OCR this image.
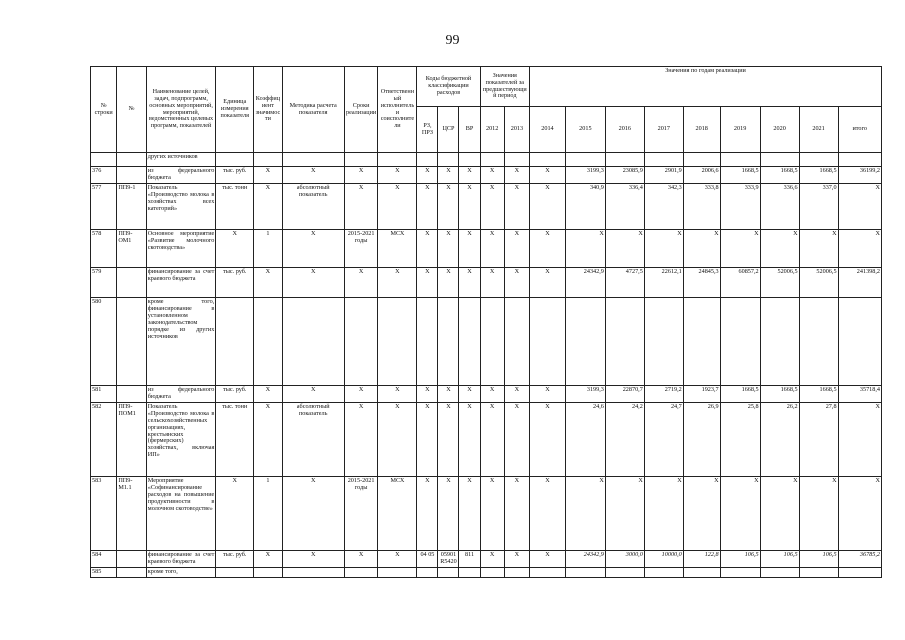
99
№ строки	№	Наименование целей, задач, подпрограмм, основных мероприятий, мероприятий, ведомственных целевых программ, показателей	Единица измерения показателя	Коэффициент значимости	Методика расчета показателя	Сроки реализации	Ответственный исполнитель и соисполнители	Коды бюджетной классификации расходов			Значения показателей за предшествующий период		Значения по годам реализации								
								РЗ, ПРЗ	ЦСР	ВР	2012	2013	2014	2015	2016	2017	2018	2019	2020	2021	итого
		других источников																			
376		из федерального бюджета	тыс. руб.	X	X	X	X	X	X	X	X	X	X	3199,3	23085,9	2901,9	2006,6	1668,5	1668,5	1668,5	36199,2
577	ПП9-1	Показатель «Производство молока в хозяйствах всех категорий»	тыс. тонн	X	абсолютный показатель	X	X	X	X	X	X	X	X	340,9	336,4	342,3	333,8	333,9	336,6	337,0	X
578	ПП9-ОМ1	Основное мероприятие «Развитие молочного скотоводства»	X	1	X	2015-2021 годы	МСХ	X	X	X	X	X	X	X	X	X	X	X	X	X	X
579		финансирование за счет краевого бюджета	тыс. руб.	X	X	X	X	X	X	X	X	X	X	24342,9	4727,5	22612,1	24845,3	60857,2	52006,5	52006,5	241398,2
580		кроме того, финансирование в установленном законодательством порядке из других источников																			
581		из федерального бюджета	тыс. руб.	X	X	X	X	X	X	X	X	X	X	3199,3	22870,7	2719,2	1923,7	1668,5	1668,5	1668,5	35718,4
582	ПП9-ПОМ1	Показатель «Производство молока в сельскохозяйственных организациях, крестьянских (фермерских) хозяйствах, включая ИП»	тыс. тонн	X	абсолютный показатель	X	X	X	X	X	X	X	X	24,6	24,2	24,7	26,9	25,8	26,2	27,8	X
583	ПП9-М1.1	Мероприятие «Софинансирование расходов на повышение продуктивности в молочном скотоводстве»	X	1	X	2015-2021 годы	МСХ	X	X	X	X	X	X	X	X	X	X	X	X	X	X
584		финансирование за счет краевого бюджета	тыс. руб.	X	X	X	X	04 05	05901 R5420	811	X	X	X	24342,9	3000,0	10000,0	122,8	106,5	106,5	106,5	36785,2
585		кроме того,																			
